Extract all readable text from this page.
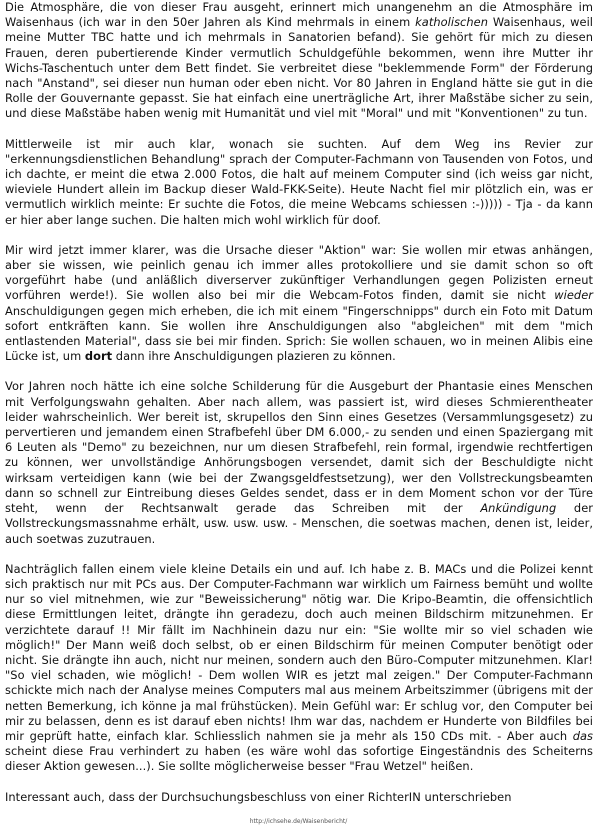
Die Atmosphäre, die von dieser Frau ausgeht, erinnert mich unangenehm an die Atmosphäre im Waisenhaus (ich war in den 50er Jahren als Kind mehrmals in einem katholischen Waisenhaus, weil meine Mutter TBC hatte und ich mehrmals in Sanatorien befand). Sie gehört für mich zu diesen Frauen, deren pubertierende Kinder vermutlich Schuldgefühle bekommen, wenn ihre Mutter ihr Wichs-Taschentuch unter dem Bett findet. Sie verbreitet diese "beklemmende Form" der Förderung nach "Anstand", sei dieser nun human oder eben nicht. Vor 80 Jahren in England hätte sie gut in die Rolle der Gouvernante gepasst. Sie hat einfach eine unerträgliche Art, ihrer Maßstäbe sicher zu sein, und diese Maßstäbe haben wenig mit Humanität und viel mit "Moral" und mit "Konventionen" zu tun.

Mittlerweile ist mir auch klar, wonach sie suchten. Auf dem Weg ins Revier zur "erkennungsdienstlichen Behandlung" sprach der Computer-Fachmann von Tausenden von Fotos, und ich dachte, er meint die etwa 2.000 Fotos, die halt auf meinem Computer sind (ich weiss gar nicht, wieviele Hundert allein im Backup dieser Wald-FKK-Seite). Heute Nacht fiel mir plötzlich ein, was er vermutlich wirklich meinte: Er suchte die Fotos, die meine Webcams schiessen :-))))) - Tja - da kann er hier aber lange suchen. Die halten mich wohl wirklich für doof.

Mir wird jetzt immer klarer, was die Ursache dieser "Aktion" war: Sie wollen mir etwas anhängen, aber sie wissen, wie peinlich genau ich immer alles protokolliere und sie damit schon so oft vorgeführt habe (und anläßlich diverserver zukünftiger Verhandlungen gegen Polizisten erneut vorführen werde!). Sie wollen also bei mir die Webcam-Fotos finden, damit sie nicht wieder Anschuldigungen gegen mich erheben, die ich mit einem "Fingerschnipps" durch ein Foto mit Datum sofort entkräften kann. Sie wollen ihre Anschuldigungen also "abgleichen" mit dem "mich entlastenden Material", dass sie bei mir finden. Sprich: Sie wollen schauen, wo in meinen Alibis eine Lücke ist, um dort dann ihre Anschuldigungen plazieren zu können.

Vor Jahren noch hätte ich eine solche Schilderung für die Ausgeburt der Phantasie eines Menschen mit Verfolgungswahn gehalten. Aber nach allem, was passiert ist, wird dieses Schmierentheater leider wahrscheinlich. Wer bereit ist, skrupellos den Sinn eines Gesetzes (Versammlungsgesetz) zu pervertieren und jemandem einen Strafbefehl über DM 6.000,- zu senden und einen Spaziergang mit 6 Leuten als "Demo" zu bezeichnen, nur um diesen Strafbefehl, rein formal, irgendwie rechtfertigen zu können, wer unvollständige Anhörungsbogen versendet, damit sich der Beschuldigte nicht wirksam verteidigen kann (wie bei der Zwangsgeldfestsetzung), wer den Vollstreckungsbeamten dann so schnell zur Eintreibung dieses Geldes sendet, dass er in dem Moment schon vor der Türe steht, wenn der Rechtsanwalt gerade das Schreiben mit der Ankündigung der Vollstreckungsmassnahme erhält, usw. usw. usw. - Menschen, die soetwas machen, denen ist, leider, auch soetwas zuzutrauen.

Nachträglich fallen einem viele kleine Details ein und auf. Ich habe z. B. MACs und die Polizei kennt sich praktisch nur mit PCs aus. Der Computer-Fachmann war wirklich um Fairness bemüht und wollte nur so viel mitnehmen, wie zur "Beweissicherung" nötig war. Die Kripo-Beamtin, die offensichtlich diese Ermittlungen leitet, drängte ihn geradezu, doch auch meinen Bildschirm mitzunehmen. Er verzichtete darauf !! Mir fällt im Nachhinein dazu nur ein: "Sie wollte mir so viel schaden wie möglich!" Der Mann weiß doch selbst, ob er einen Bildschirm für meinen Computer benötigt oder nicht. Sie drängte ihn auch, nicht nur meinen, sondern auch den Büro-Computer mitzunehmen. Klar! "So viel schaden, wie möglich! - Dem wollen WIR es jetzt mal zeigen." Der Computer-Fachmann schickte mich nach der Analyse meines Computers mal aus meinem Arbeitszimmer (übrigens mit der netten Bemerkung, ich könne ja mal frühstücken). Mein Gefühl war: Er schlug vor, den Computer bei mir zu belassen, denn es ist darauf eben nichts! Ihm war das, nachdem er Hunderte von Bildfiles bei mir geprüft hatte, einfach klar. Schliesslich nahmen sie ja mehr als 150 CDs mit. - Aber auch das scheint diese Frau verhindert zu haben (es wäre wohl das sofortige Eingeständnis des Scheiterns dieser Aktion gewesen...). Sie sollte möglicherweise besser "Frau Wetzel" heißen.

Interessant auch, dass der Durchsuchungsbeschluss von einer RichterIN unterschrieben

http://ichsehe.de/Waisenbericht/
